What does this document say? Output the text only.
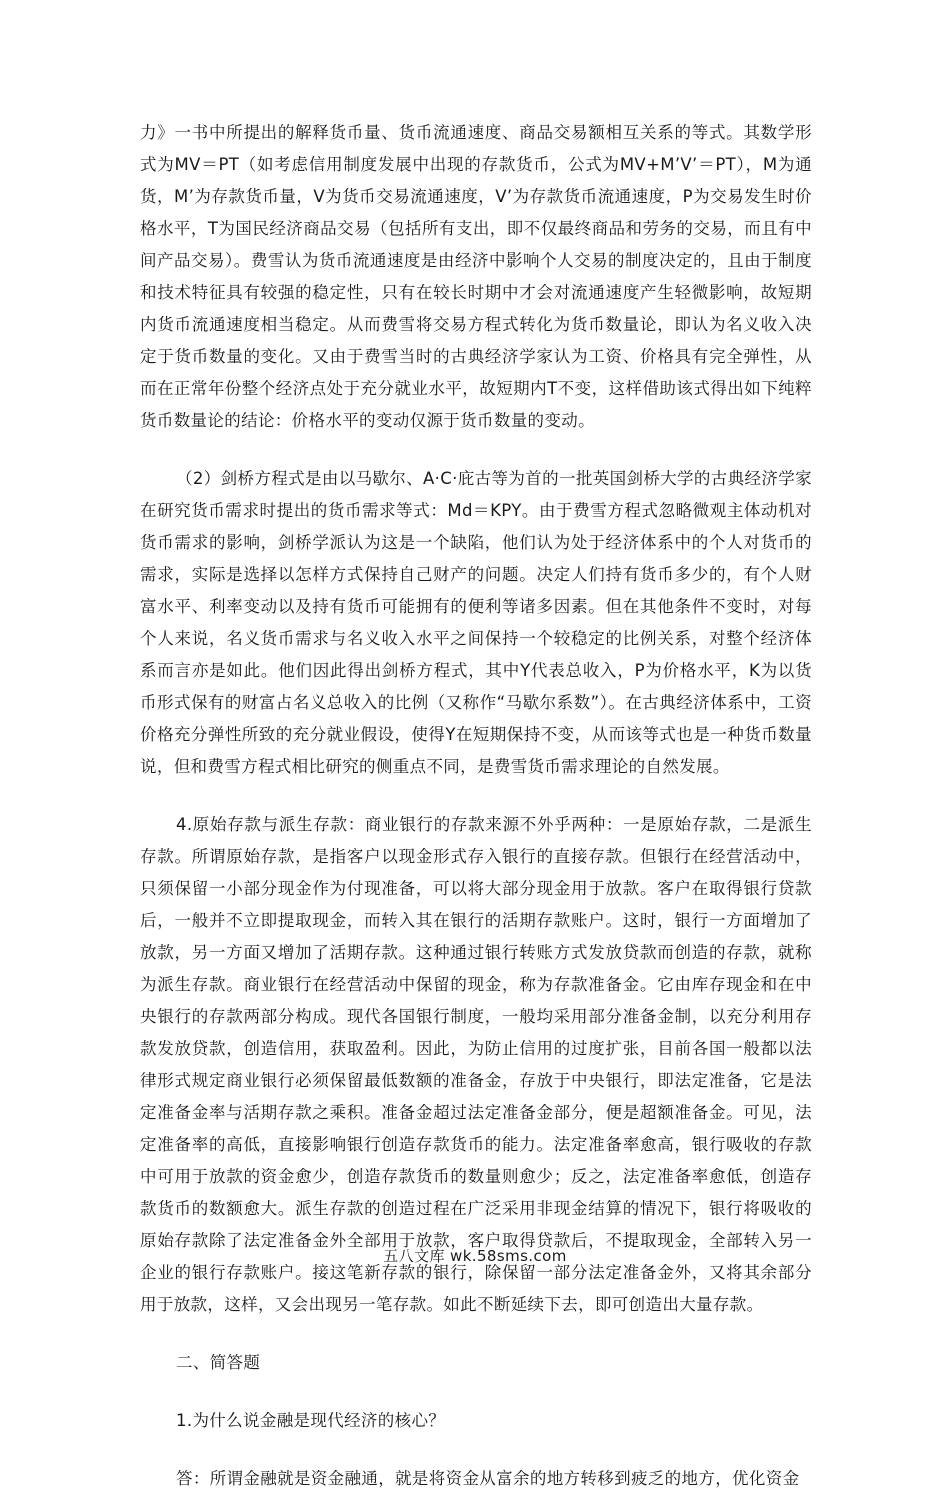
力》一书中所提出的解释货币量、货币流通速度、商品交易额相互关系的等式。其数学形式为MV＝PT（如考虑信用制度发展中出现的存款货币，公式为MV+M’V’＝PT），M为通货，M’为存款货币量，V为货币交易流通速度，V’为存款货币流通速度，P为交易发生时价格水平，T为国民经济商品交易（包括所有支出，即不仅最终商品和劳务的交易，而且有中间产品交易）。费雪认为货币流通速度是由经济中影响个人交易的制度决定的，且由于制度和技术特征具有较强的稳定性，只有在较长时期中才会对流通速度产生轻微影响，故短期内货币流通速度相当稳定。从而费雪将交易方程式转化为货币数量论，即认为名义收入决定于货币数量的变化。又由于费雪当时的古典经济学家认为工资、价格具有完全弹性，从而在正常年份整个经济点处于充分就业水平，故短期内T不变，这样借助该式得出如下纯粹货币数量论的结论：价格水平的变动仅源于货币数量的变动。

（2）剑桥方程式是由以马歇尔、A·C·庇古等为首的一批英国剑桥大学的古典经济学家在研究货币需求时提出的货币需求等式：Md＝KPY。由于费雪方程式忽略微观主体动机对货币需求的影响，剑桥学派认为这是一个缺陷，他们认为处于经济体系中的个人对货币的需求，实际是选择以怎样方式保持自己财产的问题。决定人们持有货币多少的，有个人财富水平、利率变动以及持有货币可能拥有的便利等诸多因素。但在其他条件不变时，对每个人来说，名义货币需求与名义收入水平之间保持一个较稳定的比例关系，对整个经济体系而言亦是如此。他们因此得出剑桥方程式，其中Y代表总收入，P为价格水平，K为以货币形式保有的财富占名义总收入的比例（又称作“马歇尔系数”）。在古典经济体系中，工资价格充分弹性所致的充分就业假设，使得Y在短期保持不变，从而该等式也是一种货币数量说，但和费雪方程式相比研究的侧重点不同，是费雪货币需求理论的自然发展。

4.原始存款与派生存款：商业银行的存款来源不外乎两种：一是原始存款，二是派生存款。所谓原始存款，是指客户以现金形式存入银行的直接存款。但银行在经营活动中，只须保留一小部分现金作为付现准备，可以将大部分现金用于放款。客户在取得银行贷款后，一般并不立即提取现金，而转入其在银行的活期存款账户。这时，银行一方面增加了放款，另一方面又增加了活期存款。这种通过银行转账方式发放贷款而创造的存款，就称为派生存款。商业银行在经营活动中保留的现金，称为存款准备金。它由库存现金和在中央银行的存款两部分构成。现代各国银行制度，一般均采用部分准备金制，以充分利用存款发放贷款，创造信用，获取盈利。因此，为防止信用的过度扩张，目前各国一般都以法律形式规定商业银行必须保留最低数额的准备金，存放于中央银行，即法定准备，它是法定准备金率与活期存款之乘积。准备金超过法定准备金部分，便是超额准备金。可见，法定准备率的高低，直接影响银行创造存款货币的能力。法定准备率愈高，银行吸收的存款中可用于放款的资金愈少，创造存款货币的数量则愈少；反之，法定准备率愈低，创造存款货币的数额愈大。派生存款的创造过程在广泛采用非现金结算的情况下，银行将吸收的原始存款除了法定准备金外全部用于放款，客户取得贷款后，不提取现金，全部转入另一企业的银行存款账户。接这笔新存款的银行，除保留一部分法定准备金外，又将其余部分用于放款，这样，又会出现另一笔存款。如此不断延续下去，即可创造出大量存款。

二、简答题

1.为什么说金融是现代经济的核心？

答：所谓金融就是资金融通，就是将资金从富余的地方转移到疲乏的地方，优化资金

五八文库 wk.58sms.com
